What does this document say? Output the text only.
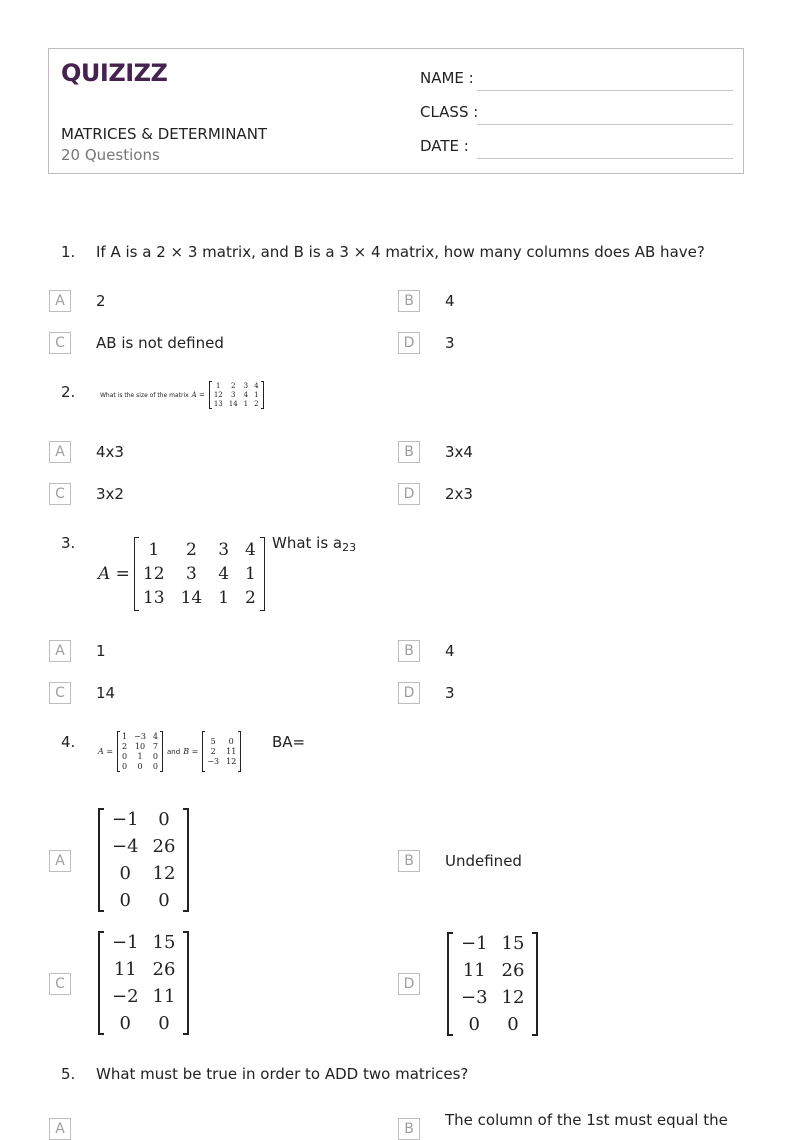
QUIZIZZ
MATRICES & DETERMINANT
20 Questions
NAME :
CLASS :
DATE :
1. If A is a 2 × 3 matrix, and B is a 3 × 4 matrix, how many columns does AB have?
A	2	B	4
C	AB is not defined	D	3
2.	What is the size of the matrix A =
1	2	3 4
12	3	4 1
13 14 1 2
A	4x3	B	3x4
C	3x2	D	2x3
3.
A =
1	2	3 4
12	3	4 1
13 14 1 2
What is $a_{23}$
A	1	B	4
C	14	D	3
4.
A =
1 −3 4
2 10 7
0	1	0
0	0	0
and B =
5	0
2	11
−3 12
BA=
A
−1	0
−4 26
0	12
0	0
B	Undefined
C
−1 15
11 26
−2 11
0	0
D
−1 15
11 26
−3 12
0	0
5. What must be true in order to ADD two matrices?
A	B	The column of the 1st must equal the
